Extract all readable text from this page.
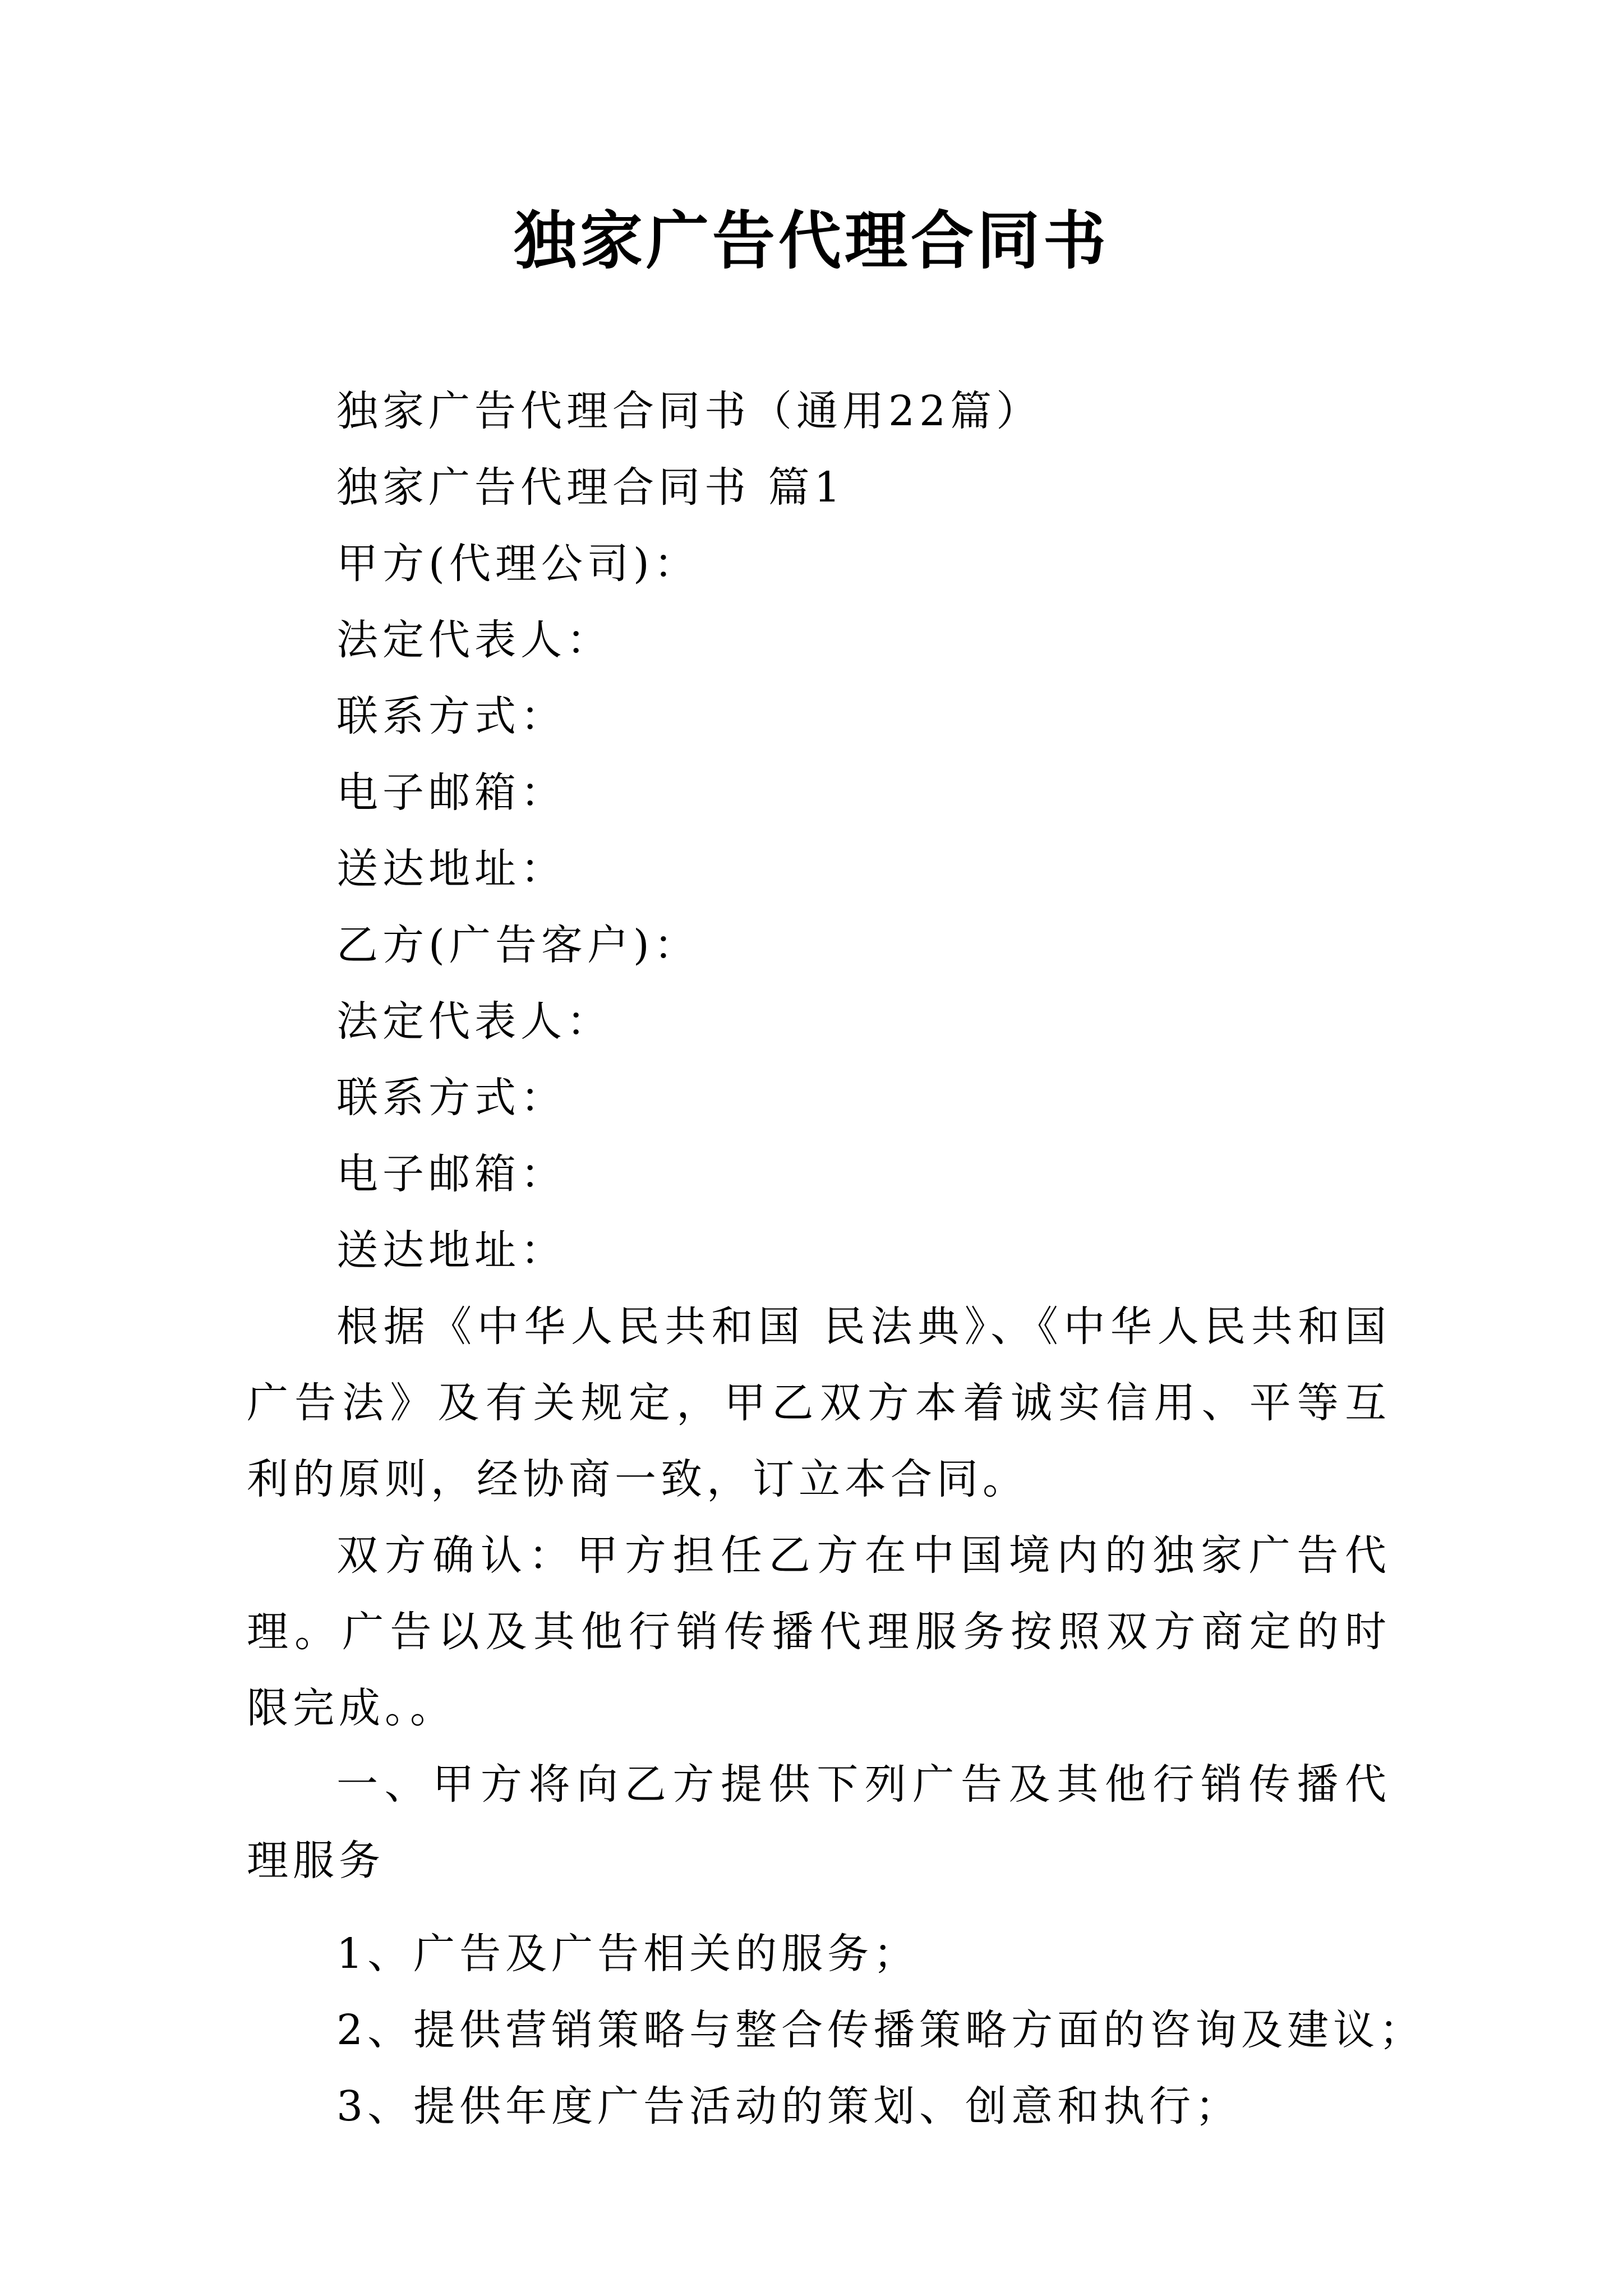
独家广告代理合同书

独家广告代理合同书（通用22篇）

独家广告代理合同书 篇1

甲方(代理公司)：

法定代表人：

联系方式：

电子邮箱：

送达地址：

乙方(广告客户)：

法定代表人：

联系方式：

电子邮箱：

送达地址：

根据《中华人民共和国 民法典》、《中华人民共和国广告法》及有关规定，甲乙双方本着诚实信用、平等互利的原则，经协商一致，订立本合同。

双方确认：甲方担任乙方在中国境内的独家广告代理。广告以及其他行销传播代理服务按照双方商定的时限完成。。

一、甲方将向乙方提供下列广告及其他行销传播代理服务

1、广告及广告相关的服务；

2、提供营销策略与整合传播策略方面的咨询及建议；

3、提供年度广告活动的策划、创意和执行；
